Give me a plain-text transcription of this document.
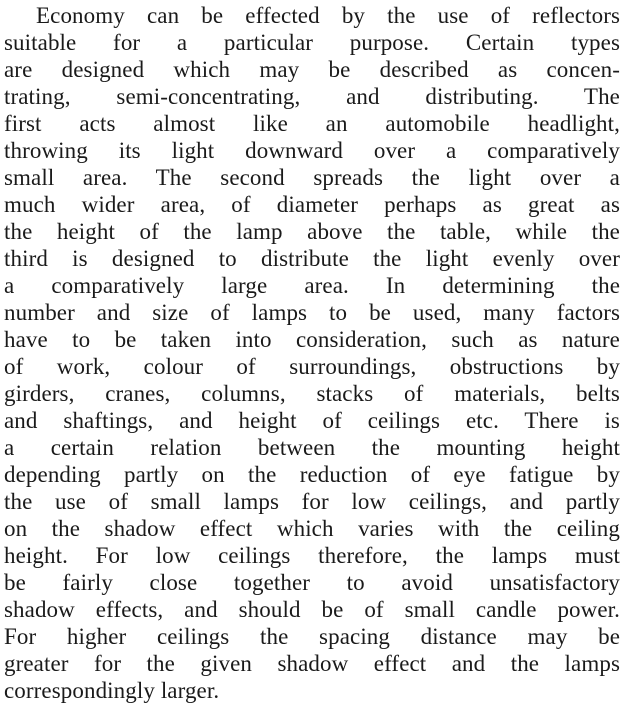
Economy can be effected by the use of reflectors
suitable for a particular purpose. Certain types
are designed which may be described as concen-
trating, semi-concentrating, and distributing. The
first acts almost like an automobile headlight,
throwing its light downward over a comparatively
small area. The second spreads the light over a
much wider area, of diameter perhaps as great as
the height of the lamp above the table, while the
third is designed to distribute the light evenly over
a comparatively large area. In determining the
number and size of lamps to be used, many factors
have to be taken into consideration, such as nature
of work, colour of surroundings, obstructions by
girders, cranes, columns, stacks of materials, belts
and shaftings, and height of ceilings etc. There is
a certain relation between the mounting height
depending partly on the reduction of eye fatigue by
the use of small lamps for low ceilings, and partly
on the shadow effect which varies with the ceiling
height. For low ceilings therefore, the lamps must
be fairly close together to avoid unsatisfactory
shadow effects, and should be of small candle power.
For higher ceilings the spacing distance may be
greater for the given shadow effect and the lamps
correspondingly larger.
